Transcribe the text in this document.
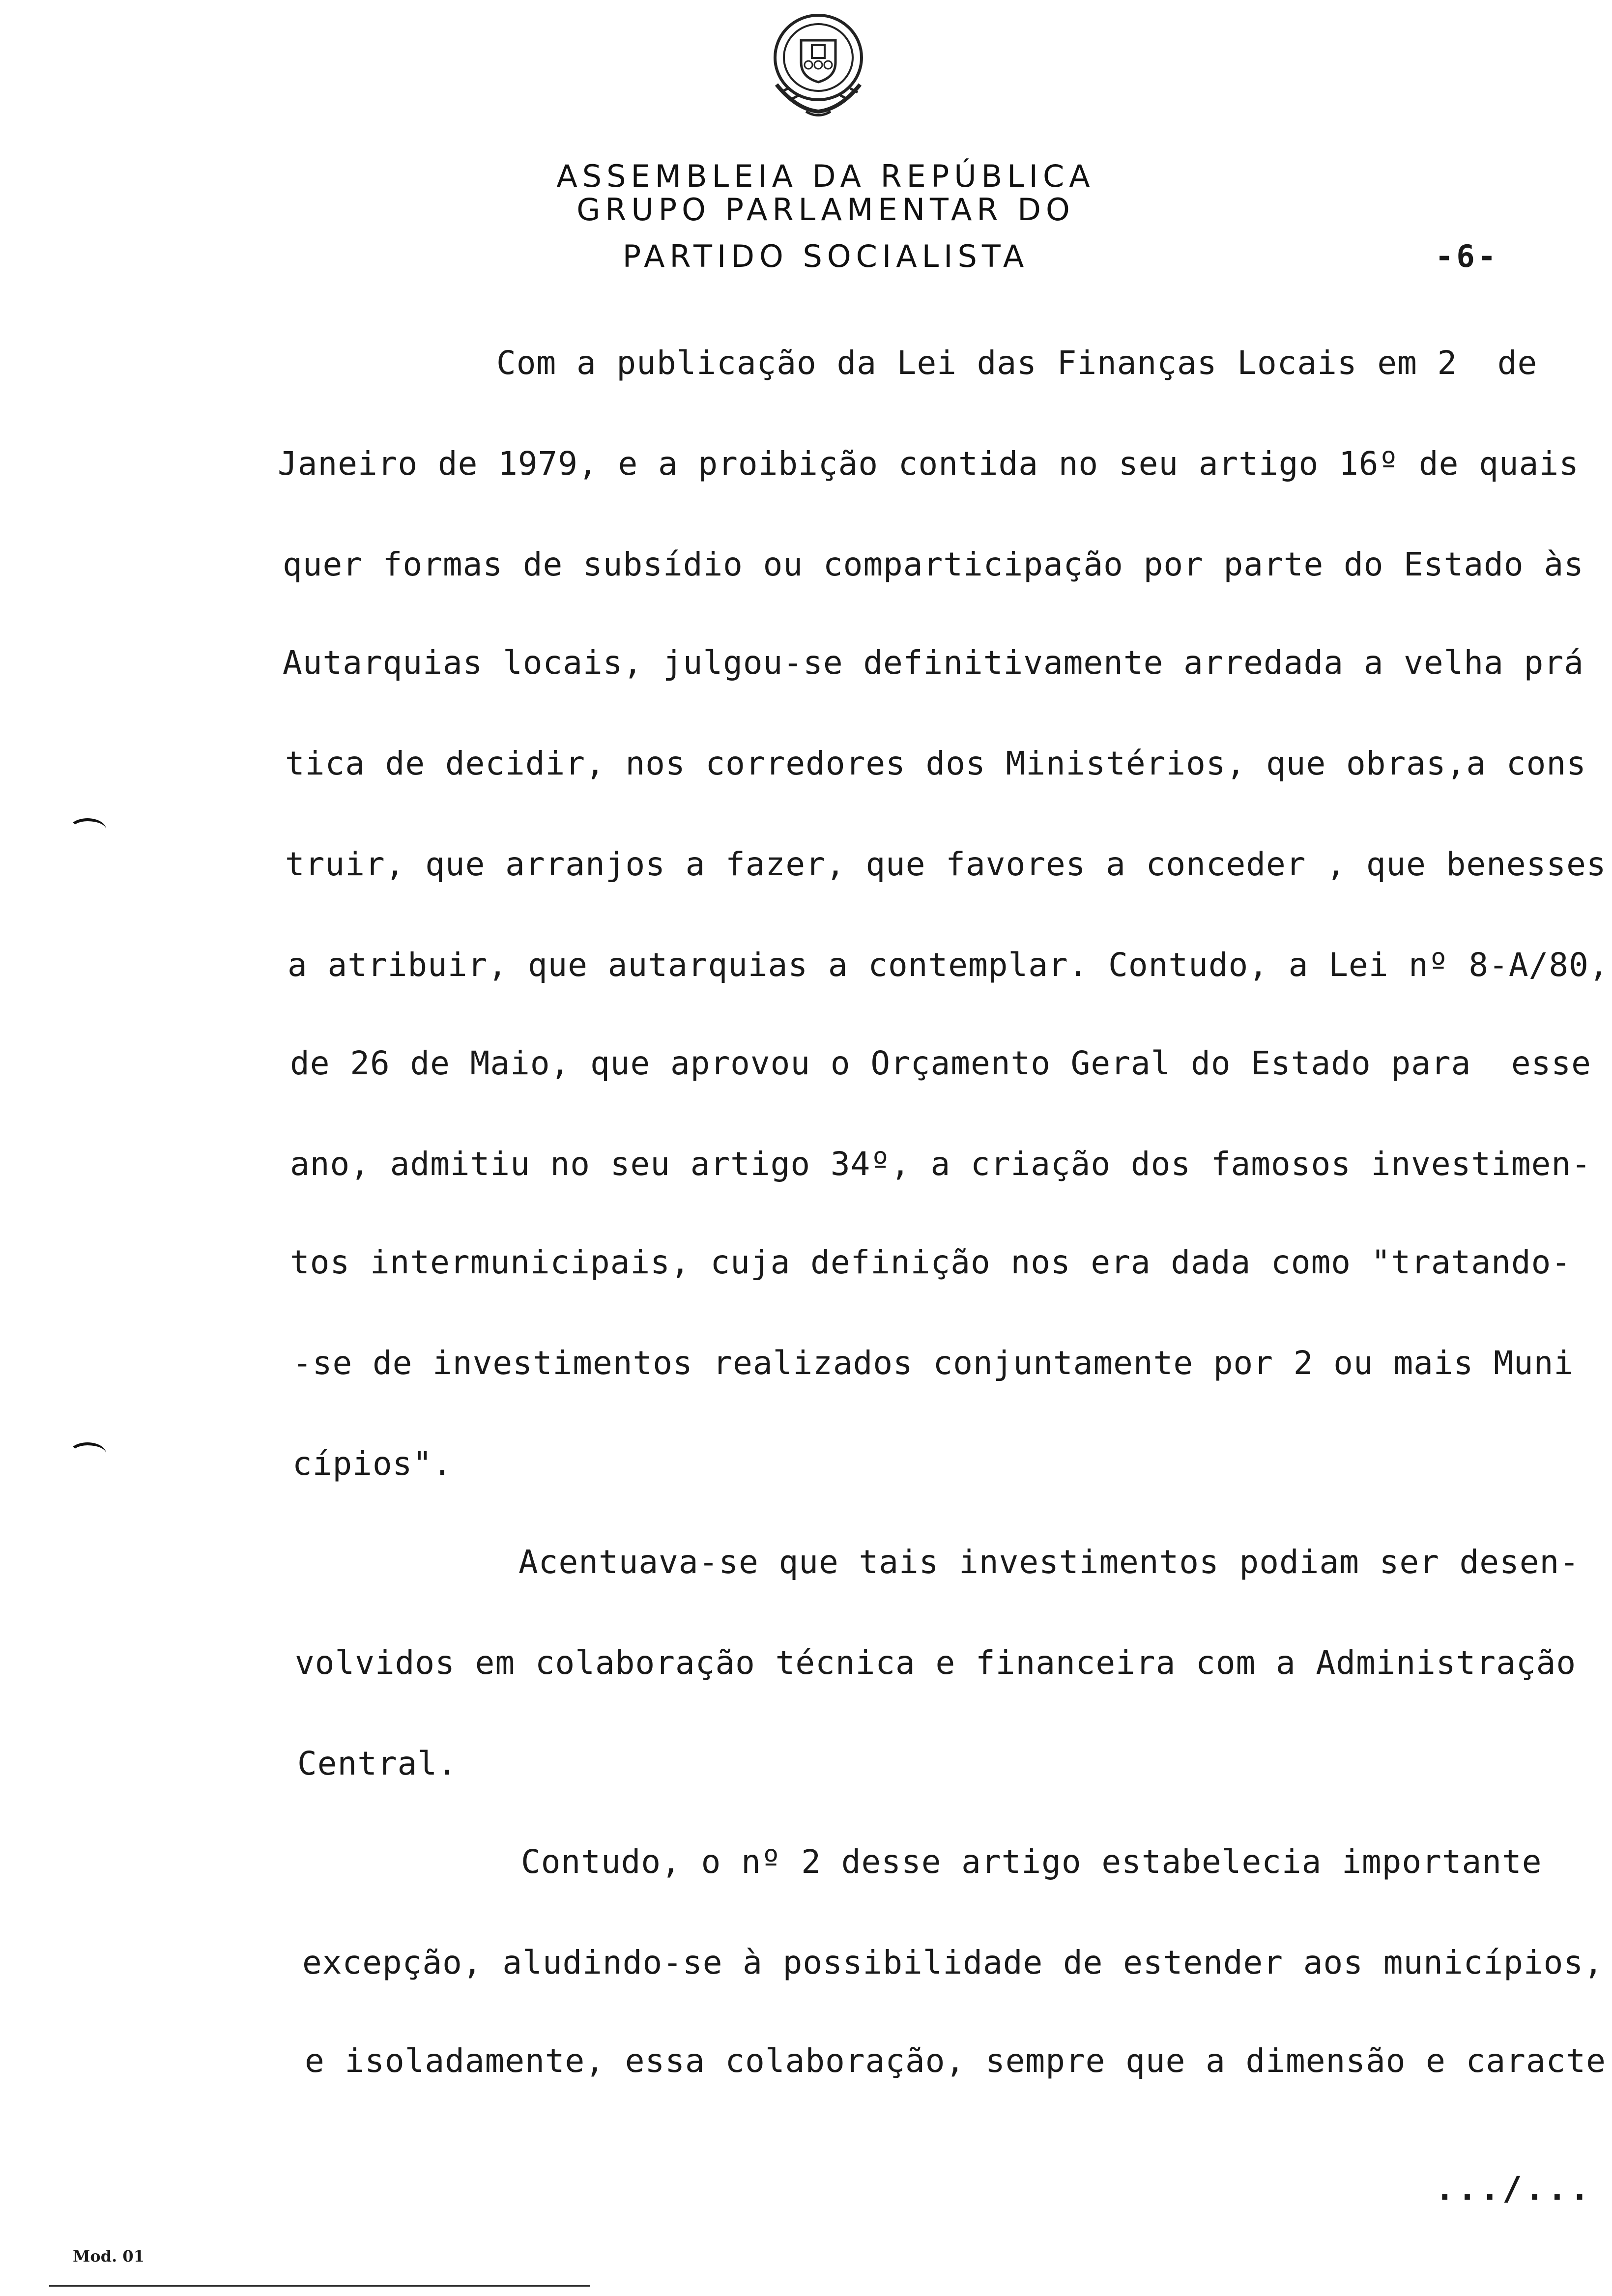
ASSEMBLEIA DA REPÚBLICA
GRUPO PARLAMENTAR DO
PARTIDO SOCIALISTA	-6-
Com a publicação da Lei das Finanças Locais em 2  de
Janeiro de 1979, e a proibição contida no seu artigo 16º de quais
quer formas de subsídio ou comparticipação por parte do Estado às
Autarquias locais, julgou-se definitivamente arredada a velha prá
tica de decidir, nos corredores dos Ministérios, que obras,a cons
truir, que arranjos a fazer, que favores a conceder , que benesses
a atribuir, que autarquias a contemplar. Contudo, a Lei nº 8-A/80,
de 26 de Maio, que aprovou o Orçamento Geral do Estado para  esse
ano, admitiu no seu artigo 34º, a criação dos famosos investimen-
tos intermunicipais, cuja definição nos era dada como "tratando-
-se de investimentos realizados conjuntamente por 2 ou mais Muni
cípios".
Acentuava-se que tais investimentos podiam ser desen-
volvidos em colaboração técnica e financeira com a Administração
Central.
Contudo, o nº 2 desse artigo estabelecia importante
excepção, aludindo-se à possibilidade de estender aos municípios,
e isoladamente, essa colaboração, sempre que a dimensão e caracte
.../...
Mod. 01
